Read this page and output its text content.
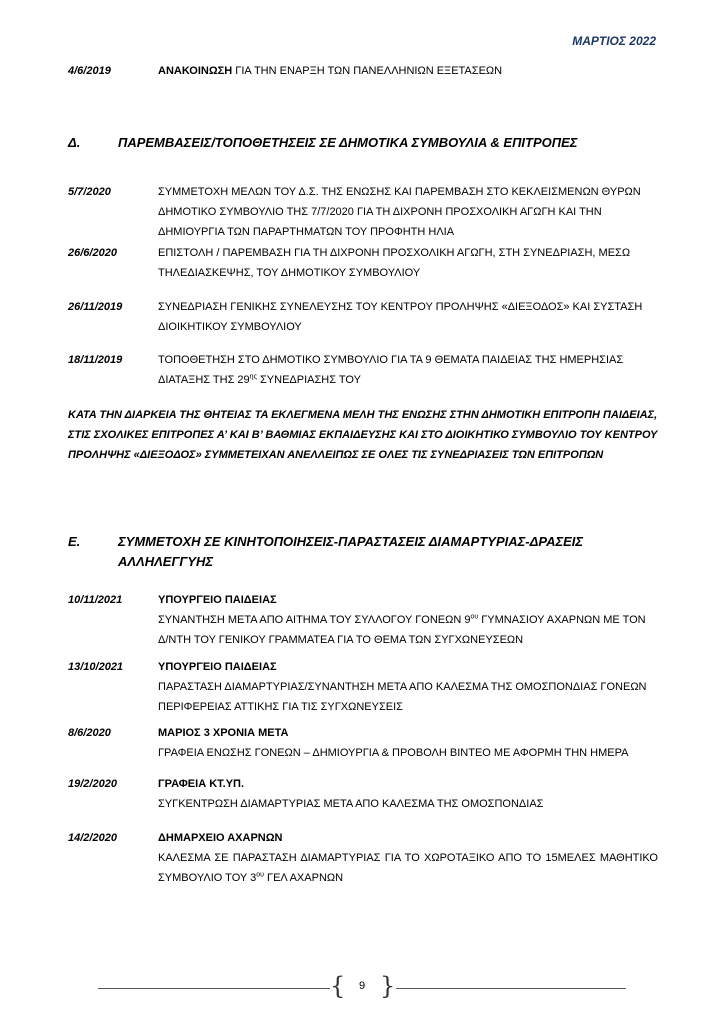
ΜΑΡΤΙΟΣ 2022
4/6/2019	ΑΝΑΚΟΙΝΩΣΗ ΓΙΑ ΤΗΝ ΕΝΑΡΞΗ ΤΩΝ ΠΑΝΕΛΛΗΝΙΩΝ ΕΞΕΤΑΣΕΩΝ
Δ.	ΠΑΡΕΜΒΑΣΕΙΣ/ΤΟΠΟΘΕΤΗΣΕΙΣ ΣΕ ΔΗΜΟΤΙΚΑ ΣΥΜΒΟΥΛΙΑ & ΕΠΙΤΡΟΠΕΣ
5/7/2020	ΣΥΜΜΕΤΟΧΗ ΜΕΛΩΝ ΤΟΥ Δ.Σ. ΤΗΣ ΕΝΩΣΗΣ ΚΑΙ ΠΑΡΕΜΒΑΣΗ ΣΤΟ ΚΕΚΛΕΙΣΜΕΝΩΝ ΘΥΡΩΝ ΔΗΜΟΤΙΚΟ ΣΥΜΒΟΥΛΙΟ ΤΗΣ 7/7/2020 ΓΙΑ ΤΗ ΔΙΧΡΟΝΗ ΠΡΟΣΧΟΛΙΚΗ ΑΓΩΓΗ ΚΑΙ ΤΗΝ ΔΗΜΙΟΥΡΓΙΑ ΤΩΝ ΠΑΡΑΡΤΗΜΑΤΩΝ ΤΟΥ ΠΡΟΦΗΤΗ ΗΛΙΑ
26/6/2020	ΕΠΙΣΤΟΛΗ / ΠΑΡΕΜΒΑΣΗ ΓΙΑ ΤΗ ΔΙΧΡΟΝΗ ΠΡΟΣΧΟΛΙΚΗ ΑΓΩΓΗ, ΣΤΗ ΣΥΝΕΔΡΙΑΣΗ, ΜΕΣΩ ΤΗΛΕΔΙΑΣΚΕΨΗΣ, ΤΟΥ ΔΗΜΟΤΙΚΟΥ ΣΥΜΒΟΥΛΙΟΥ
26/11/2019	ΣΥΝΕΔΡΙΑΣΗ ΓΕΝΙΚΗΣ ΣΥΝΕΛΕΥΣΗΣ ΤΟΥ ΚΕΝΤΡΟΥ ΠΡΟΛΗΨΗΣ «ΔΙΕΞΟΔΟΣ» ΚΑΙ ΣΥΣΤΑΣΗ ΔΙΟΙΚΗΤΙΚΟΥ ΣΥΜΒΟΥΛΙΟΥ
18/11/2019	ΤΟΠΟΘΕΤΗΣΗ ΣΤΟ ΔΗΜΟΤΙΚΟ ΣΥΜΒΟΥΛΙΟ ΓΙΑ ΤΑ 9 ΘΕΜΑΤΑ ΠΑΙΔΕΙΑΣ ΤΗΣ ΗΜΕΡΗΣΙΑΣ ΔΙΑΤΑΞΗΣ ΤΗΣ $29^{\eta\varsigma}$ ΣΥΝΕΔΡΙΑΣΗΣ ΤΟΥ
ΚΑΤΑ ΤΗΝ ΔΙΑΡΚΕΙΑ ΤΗΣ ΘΗΤΕΙΑΣ ΤΑ ΕΚΛΕΓΜΕΝΑ ΜΕΛΗ ΤΗΣ ΕΝΩΣΗΣ ΣΤΗΝ ΔΗΜΟΤΙΚΗ ΕΠΙΤΡΟΠΗ ΠΑΙΔΕΙΑΣ, ΣΤΙΣ ΣΧΟΛΙΚΕΣ ΕΠΙΤΡΟΠΕΣ Α’ ΚΑΙ Β’ ΒΑΘΜΙΑΣ ΕΚΠΑΙΔΕΥΣΗΣ ΚΑΙ ΣΤΟ ΔΙΟΙΚΗΤΙΚΟ ΣΥΜΒΟΥΛΙΟ ΤΟΥ ΚΕΝΤΡΟΥ ΠΡΟΛΗΨΗΣ «ΔΙΕΞΟΔΟΣ» ΣΥΜΜΕΤΕΙΧΑΝ ΑΝΕΛΛΕΙΠΩΣ ΣΕ ΟΛΕΣ ΤΙΣ ΣΥΝΕΔΡΙΑΣΕΙΣ ΤΩΝ ΕΠΙΤΡΟΠΩΝ
Ε.	ΣΥΜΜΕΤΟΧΗ ΣΕ ΚΙΝΗΤΟΠΟΙΗΣΕΙΣ-ΠΑΡΑΣΤΑΣΕΙΣ ΔΙΑΜΑΡΤΥΡΙΑΣ-ΔΡΑΣΕΙΣ ΑΛΛΗΛΕΓΓΥΗΣ
10/11/2021	ΥΠΟΥΡΓΕΙΟ ΠΑΙΔΕΙΑΣ
ΣΥΝΑΝΤΗΣΗ ΜΕΤΑ ΑΠΟ ΑΙΤΗΜΑ ΤΟΥ ΣΥΛΛΟΓΟΥ ΓΟΝΕΩΝ $9^{o\upsilon}$ ΓΥΜΝΑΣΙΟΥ ΑΧΑΡΝΩΝ ΜΕ ΤΟΝ Δ/ΝΤΗ ΤΟΥ ΓΕΝΙΚΟΥ ΓΡΑΜΜΑΤΕΑ ΓΙΑ ΤΟ ΘΕΜΑ ΤΩΝ ΣΥΓΧΩΝΕΥΣΕΩΝ
13/10/2021	ΥΠΟΥΡΓΕΙΟ ΠΑΙΔΕΙΑΣ
ΠΑΡΑΣΤΑΣΗ ΔΙΑΜΑΡΤΥΡΙΑΣ/ΣΥΝΑΝΤΗΣΗ ΜΕΤΑ ΑΠΟ ΚΑΛΕΣΜΑ ΤΗΣ ΟΜΟΣΠΟΝΔΙΑΣ ΓΟΝΕΩΝ ΠΕΡΙΦΕΡΕΙΑΣ ΑΤΤΙΚΗΣ ΓΙΑ ΤΙΣ ΣΥΓΧΩΝΕΥΣΕΙΣ
8/6/2020	ΜΑΡΙΟΣ 3 ΧΡΟΝΙΑ ΜΕΤΑ
ΓΡΑΦΕΙΑ ΕΝΩΣΗΣ ΓΟΝΕΩΝ – ΔΗΜΙΟΥΡΓΙΑ & ΠΡΟΒΟΛΗ ΒΙΝΤΕΟ ΜΕ ΑΦΟΡΜΗ ΤΗΝ ΗΜΕΡΑ
19/2/2020	ΓΡΑΦΕΙΑ ΚΤ.ΥΠ.
ΣΥΓΚΕΝΤΡΩΣΗ ΔΙΑΜΑΡΤΥΡΙΑΣ ΜΕΤΑ ΑΠΟ ΚΑΛΕΣΜΑ ΤΗΣ ΟΜΟΣΠΟΝΔΙΑΣ
14/2/2020	ΔΗΜΑΡΧΕΙΟ ΑΧΑΡΝΩΝ
ΚΑΛΕΣΜΑ ΣΕ ΠΑΡΑΣΤΑΣΗ ΔΙΑΜΑΡΤΥΡΙΑΣ ΓΙΑ ΤΟ ΧΩΡΟΤΑΞΙΚΟ ΑΠΟ ΤΟ 15ΜΕΛΕΣ ΜΑΘΗΤΙΚΟ ΣΥΜΒΟΥΛΙΟ ΤΟΥ $3^{o\upsilon}$ ΓΕΛ ΑΧΑΡΝΩΝ
{	9 }
